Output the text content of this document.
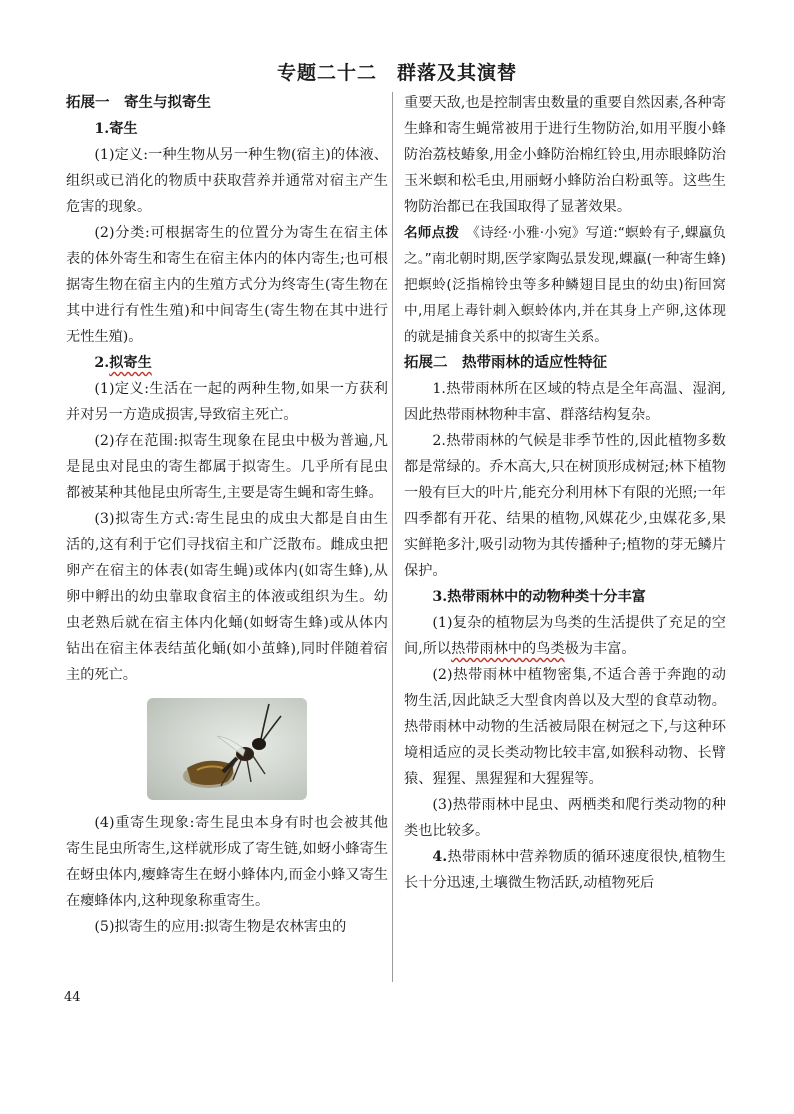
专题二十二　群落及其演替

拓展一　寄生与拟寄生

1.寄生

(1)定义:一种生物从另一种生物(宿主)的体液、组织或已消化的物质中获取营养并通常对宿主产生危害的现象。

(2)分类:可根据寄生的位置分为寄生在宿主体表的体外寄生和寄生在宿主体内的体内寄生;也可根据寄生物在宿主内的生殖方式分为终寄生(寄生物在其中进行有性生殖)和中间寄生(寄生物在其中进行无性生殖)。

2.拟寄生

(1)定义:生活在一起的两种生物,如果一方获利并对另一方造成损害,导致宿主死亡。

(2)存在范围:拟寄生现象在昆虫中极为普遍,凡是昆虫对昆虫的寄生都属于拟寄生。几乎所有昆虫都被某种其他昆虫所寄生,主要是寄生蝇和寄生蜂。

(3)拟寄生方式:寄生昆虫的成虫大都是自由生活的,这有利于它们寻找宿主和广泛散布。雌成虫把卵产在宿主的体表(如寄生蝇)或体内(如寄生蜂),从卵中孵出的幼虫靠取食宿主的体液或组织为生。幼虫老熟后就在宿主体内化蛹(如蚜寄生蜂)或从体内钻出在宿主体表结茧化蛹(如小茧蜂),同时伴随着宿主的死亡。

(4)重寄生现象:寄生昆虫本身有时也会被其他寄生昆虫所寄生,这样就形成了寄生链,如蚜小蜂寄生在蚜虫体内,瘿蜂寄生在蚜小蜂体内,而金小蜂又寄生在瘿蜂体内,这种现象称重寄生。

(5)拟寄生的应用:拟寄生物是农林害虫的

重要天敌,也是控制害虫数量的重要自然因素,各种寄生蜂和寄生蝇常被用于进行生物防治,如用平腹小蜂防治荔枝蝽象,用金小蜂防治棉红铃虫,用赤眼蜂防治玉米螟和松毛虫,用丽蚜小蜂防治白粉虱等。这些生物防治都已在我国取得了显著效果。

名师点拨　 《诗经·小雅·小宛》写道:“螟蛉有子,蜾蠃负之。”南北朝时期,医学家陶弘景发现,蜾蠃(一种寄生蜂)把螟蛉(泛指棉铃虫等多种鳞翅目昆虫的幼虫)衔回窝中,用尾上毒针刺入螟蛉体内,并在其身上产卵,这体现的就是捕食关系中的拟寄生关系。

拓展二　热带雨林的适应性特征

1.热带雨林所在区域的特点是全年高温、湿润,因此热带雨林物种丰富、群落结构复杂。

2.热带雨林的气候是非季节性的,因此植物多数都是常绿的。乔木高大,只在树顶形成树冠;林下植物一般有巨大的叶片,能充分利用林下有限的光照;一年四季都有开花、结果的植物,风媒花少,虫媒花多,果实鲜艳多汁,吸引动物为其传播种子;植物的芽无鳞片保护。

3.热带雨林中的动物种类十分丰富

(1)复杂的植物层为鸟类的生活提供了充足的空间,所以热带雨林中的鸟类极为丰富。

(2)热带雨林中植物密集,不适合善于奔跑的动物生活,因此缺乏大型食肉兽以及大型的食草动物。热带雨林中动物的生活被局限在树冠之下,与这种环境相适应的灵长类动物比较丰富,如猴科动物、长臂猿、猩猩、黑猩猩和大猩猩等。

(3)热带雨林中昆虫、两栖类和爬行类动物的种类也比较多。

4.热带雨林中营养物质的循环速度很快,植物生长十分迅速,土壤微生物活跃,动植物死后

44
